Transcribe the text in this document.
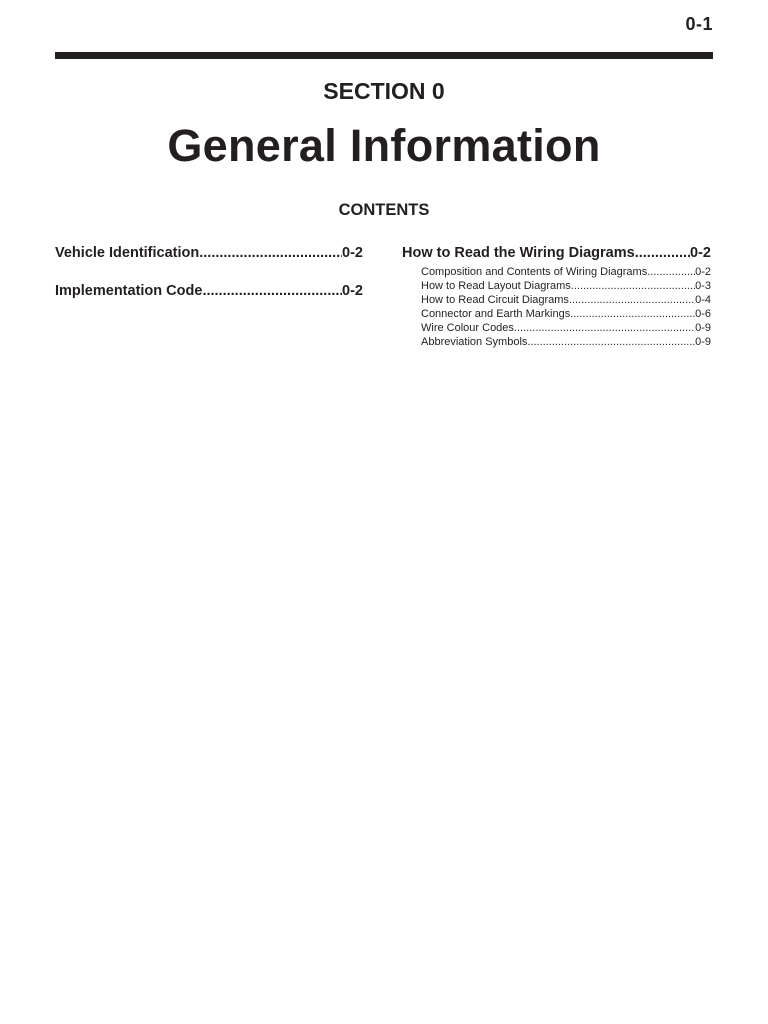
0-1
SECTION 0
General Information
CONTENTS
Vehicle Identification .....	0-2
Implementation Code .....	0-2
How to Read the Wiring Diagrams .....	0-2
Composition and Contents of Wiring Diagrams .....	0-2
How to Read Layout Diagrams .....	0-3
How to Read Circuit Diagrams .....	0-4
Connector and Earth Markings .....	0-6
Wire Colour Codes .....	0-9
Abbreviation Symbols .....	0-9
